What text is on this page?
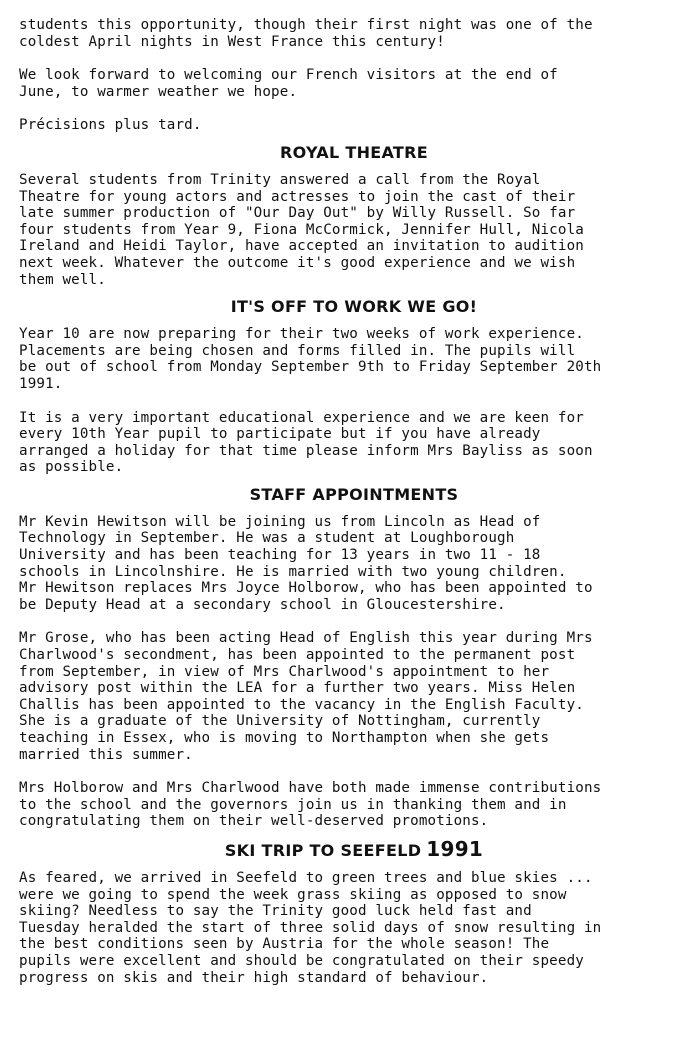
students this opportunity, though their first night was one of the
coldest April nights in West France this century!

We look forward to welcoming our French visitors at the end of
June, to warmer weather we hope.

Précisions plus tard.

ROYAL THEATRE

Several students from Trinity answered a call from the Royal
Theatre for young actors and actresses to join the cast of their
late summer production of "Our Day Out" by Willy Russell. So far
four students from Year 9, Fiona McCormick, Jennifer Hull, Nicola
Ireland and Heidi Taylor, have accepted an invitation to audition
next week. Whatever the outcome it's good experience and we wish
them well.

IT'S OFF TO WORK WE GO!

Year 10 are now preparing for their two weeks of work experience.
Placements are being chosen and forms filled in. The pupils will
be out of school from Monday September 9th to Friday September 20th
1991.

It is a very important educational experience and we are keen for
every 10th Year pupil to participate but if you have already
arranged a holiday for that time please inform Mrs Bayliss as soon
as possible.

STAFF APPOINTMENTS

Mr Kevin Hewitson will be joining us from Lincoln as Head of
Technology in September. He was a student at Loughborough
University and has been teaching for 13 years in two 11 - 18
schools in Lincolnshire. He is married with two young children.
Mr Hewitson replaces Mrs Joyce Holborow, who has been appointed to
be Deputy Head at a secondary school in Gloucestershire.

Mr Grose, who has been acting Head of English this year during Mrs
Charlwood's secondment, has been appointed to the permanent post
from September, in view of Mrs Charlwood's appointment to her
advisory post within the LEA for a further two years. Miss Helen
Challis has been appointed to the vacancy in the English Faculty.
She is a graduate of the University of Nottingham, currently
teaching in Essex, who is moving to Northampton when she gets
married this summer.

Mrs Holborow and Mrs Charlwood have both made immense contributions
to the school and the governors join us in thanking them and in
congratulating them on their well-deserved promotions.

SKI TRIP TO SEEFELD 1991

As feared, we arrived in Seefeld to green trees and blue skies ...
were we going to spend the week grass skiing as opposed to snow
skiing? Needless to say the Trinity good luck held fast and
Tuesday heralded the start of three solid days of snow resulting in
the best conditions seen by Austria for the whole season! The
pupils were excellent and should be congratulated on their speedy
progress on skis and their high standard of behaviour.
